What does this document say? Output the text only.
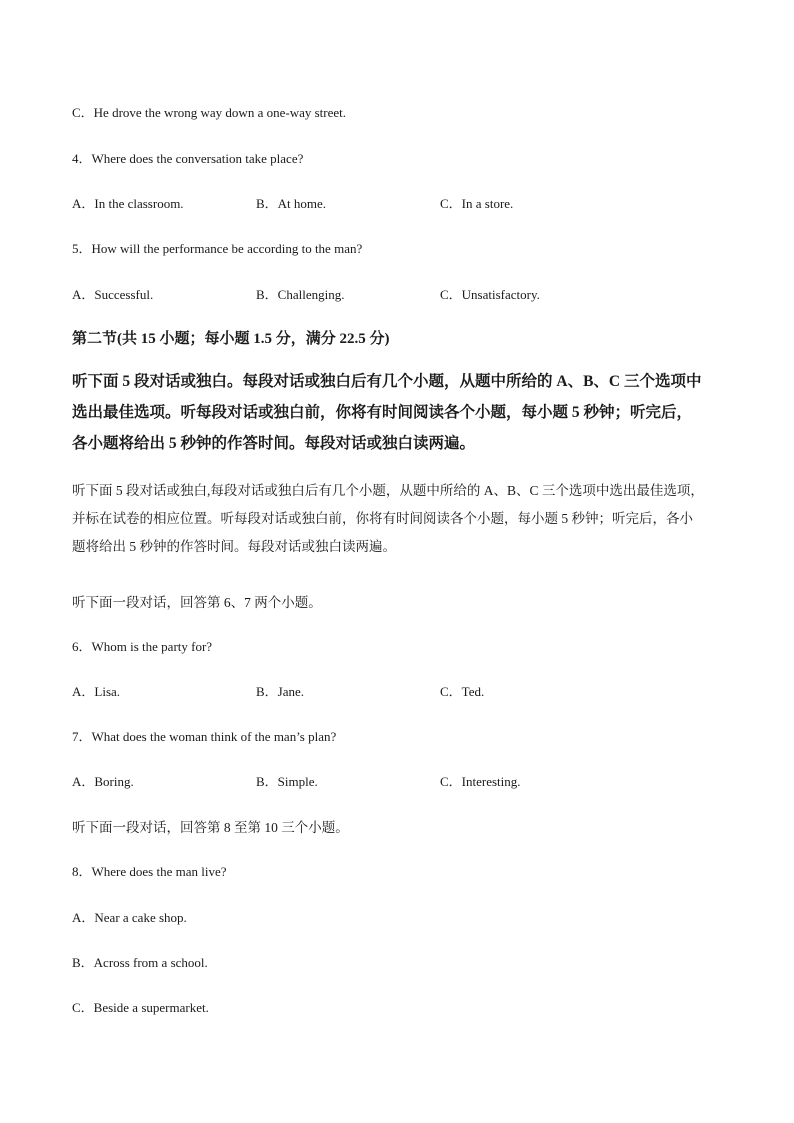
C．He drove the wrong way down a one-way street.
4．Where does the conversation take place?
A．In the classroom.	B．At home.	C．In a store.
5．How will the performance be according to the man?
A．Successful.	B．Challenging.	C．Unsatisfactory.
第二节(共 15 小题；每小题 1.5 分，满分 22.5 分)
听下面 5 段对话或独白。每段对话或独白后有几个小题，从题中所给的 A、B、C 三个选项中
选出最佳选项。听每段对话或独白前，你将有时间阅读各个小题，每小题 5 秒钟；听完后，
各小题将给出 5 秒钟的作答时间。每段对话或独白读两遍。
听下面 5 段对话或独白,每段对话或独白后有几个小题，从题中所给的 A、B、C 三个选项中选出最佳选项，
并标在试卷的相应位置。听每段对话或独白前，你将有时间阅读各个小题，每小题 5 秒钟；听完后，各小
题将给出 5 秒钟的作答时间。每段对话或独白读两遍。
听下面一段对话，回答第 6、7 两个小题。
6．Whom is the party for?
A．Lisa.	B．Jane.	C．Ted.
7．What does the woman think of the man’s plan?
A．Boring.	B．Simple.	C．Interesting.
听下面一段对话，回答第 8 至第 10 三个小题。
8．Where does the man live?
A．Near a cake shop.
B．Across from a school.
C．Beside a supermarket.
